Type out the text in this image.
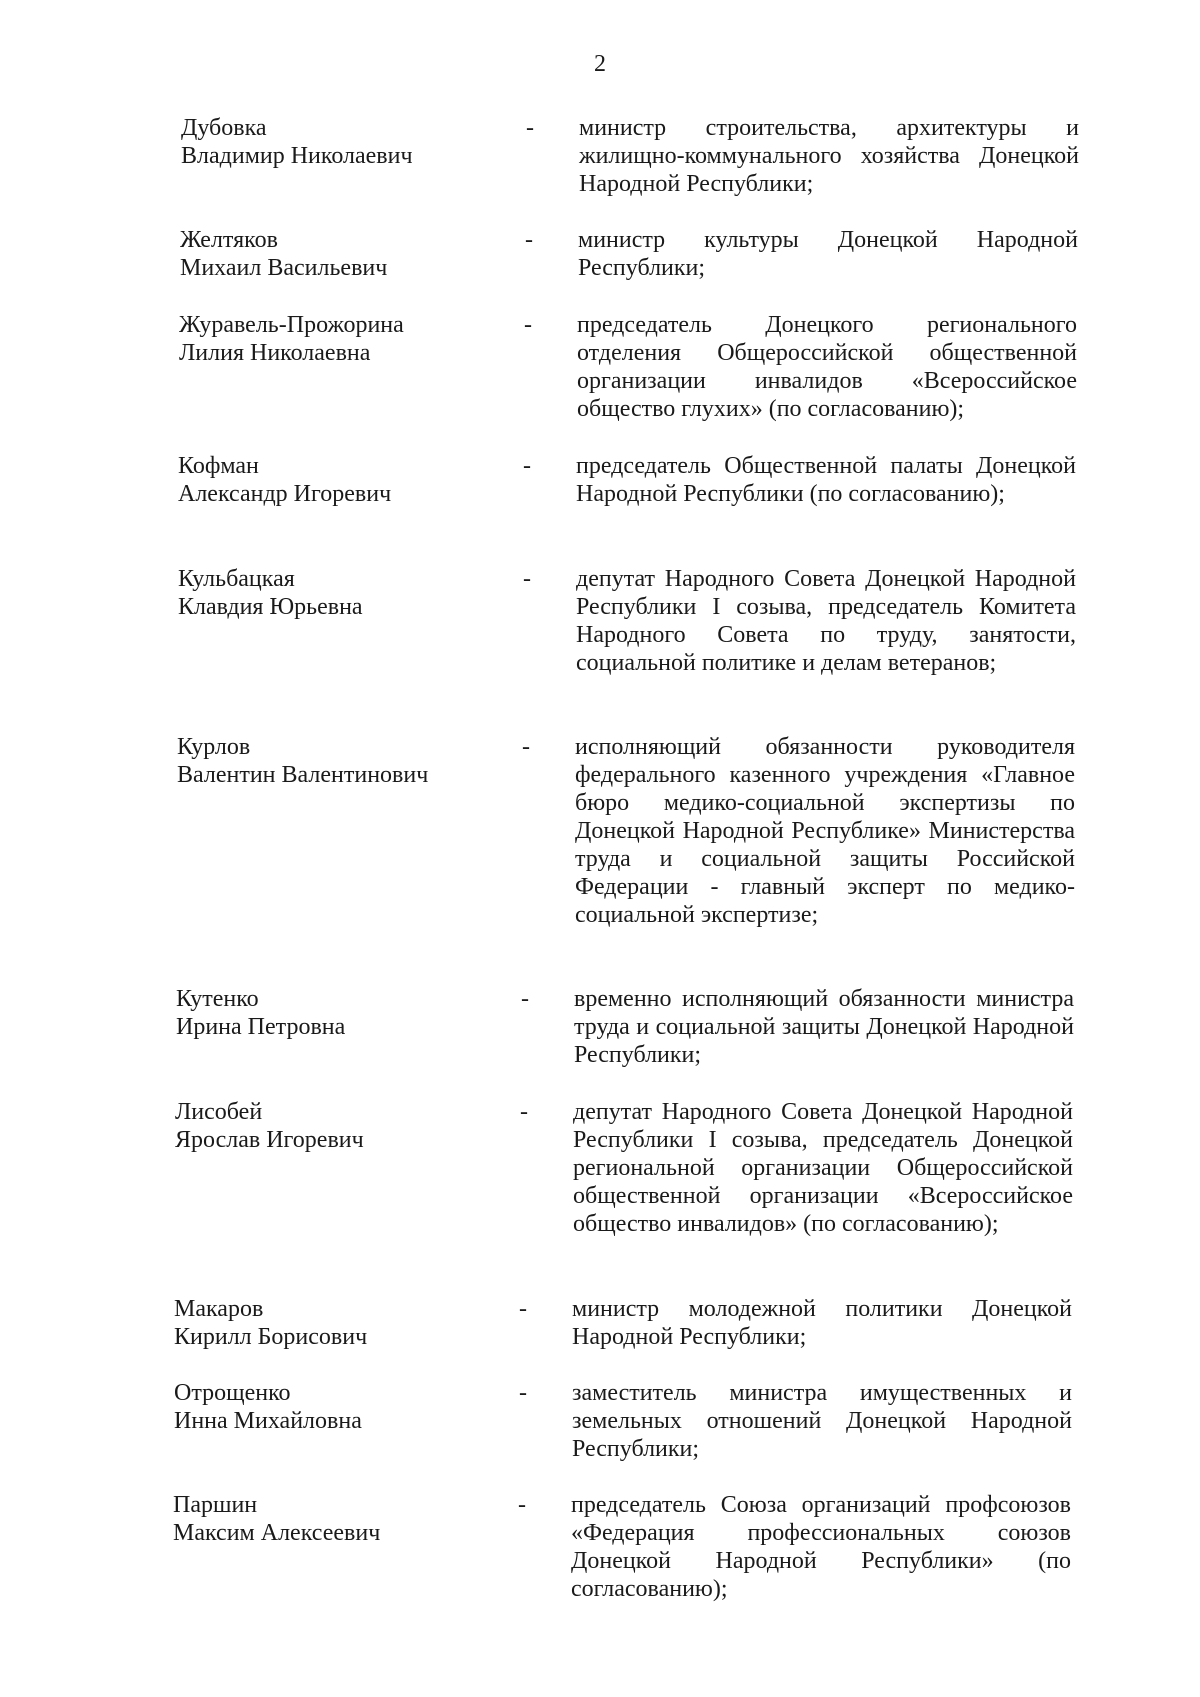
2
Дубовка
Владимир Николаевич
- министр строительства, архитектуры и жилищно-коммунального хозяйства Донецкой Народной Республики;
Желтяков
Михаил Васильевич
- министр культуры Донецкой Народной Республики;
Журавель-Прожорина
Лилия Николаевна
- председатель Донецкого регионального отделения Общероссийской общественной организации инвалидов «Всероссийское общество глухих» (по согласованию);
Кофман
Александр Игоревич
- председатель Общественной палаты Донецкой Народной Республики (по согласованию);
Кульбацкая
Клавдия Юрьевна
- депутат Народного Совета Донецкой Народной Республики I созыва, председатель Комитета Народного Совета по труду, занятости, социальной политике и делам ветеранов;
Курлов
Валентин Валентинович
- исполняющий обязанности руководителя федерального казенного учреждения «Главное бюро медико-социальной экспертизы по Донецкой Народной Республике» Министерства труда и социальной защиты Российской Федерации - главный эксперт по медико-социальной экспертизе;
Кутенко
Ирина Петровна
- временно исполняющий обязанности министра труда и социальной защиты Донецкой Народной Республики;
Лисобей
Ярослав Игоревич
- депутат Народного Совета Донецкой Народной Республики I созыва, председатель Донецкой региональной организации Общероссийской общественной организации «Всероссийское общество инвалидов» (по согласованию);
Макаров
Кирилл Борисович
- министр молодежной политики Донецкой Народной Республики;
Отрощенко
Инна Михайловна
- заместитель министра имущественных и земельных отношений Донецкой Народной Республики;
Паршин
Максим Алексеевич
- председатель Союза организаций профсоюзов «Федерация профессиональных союзов Донецкой Народной Республики» (по согласованию);
